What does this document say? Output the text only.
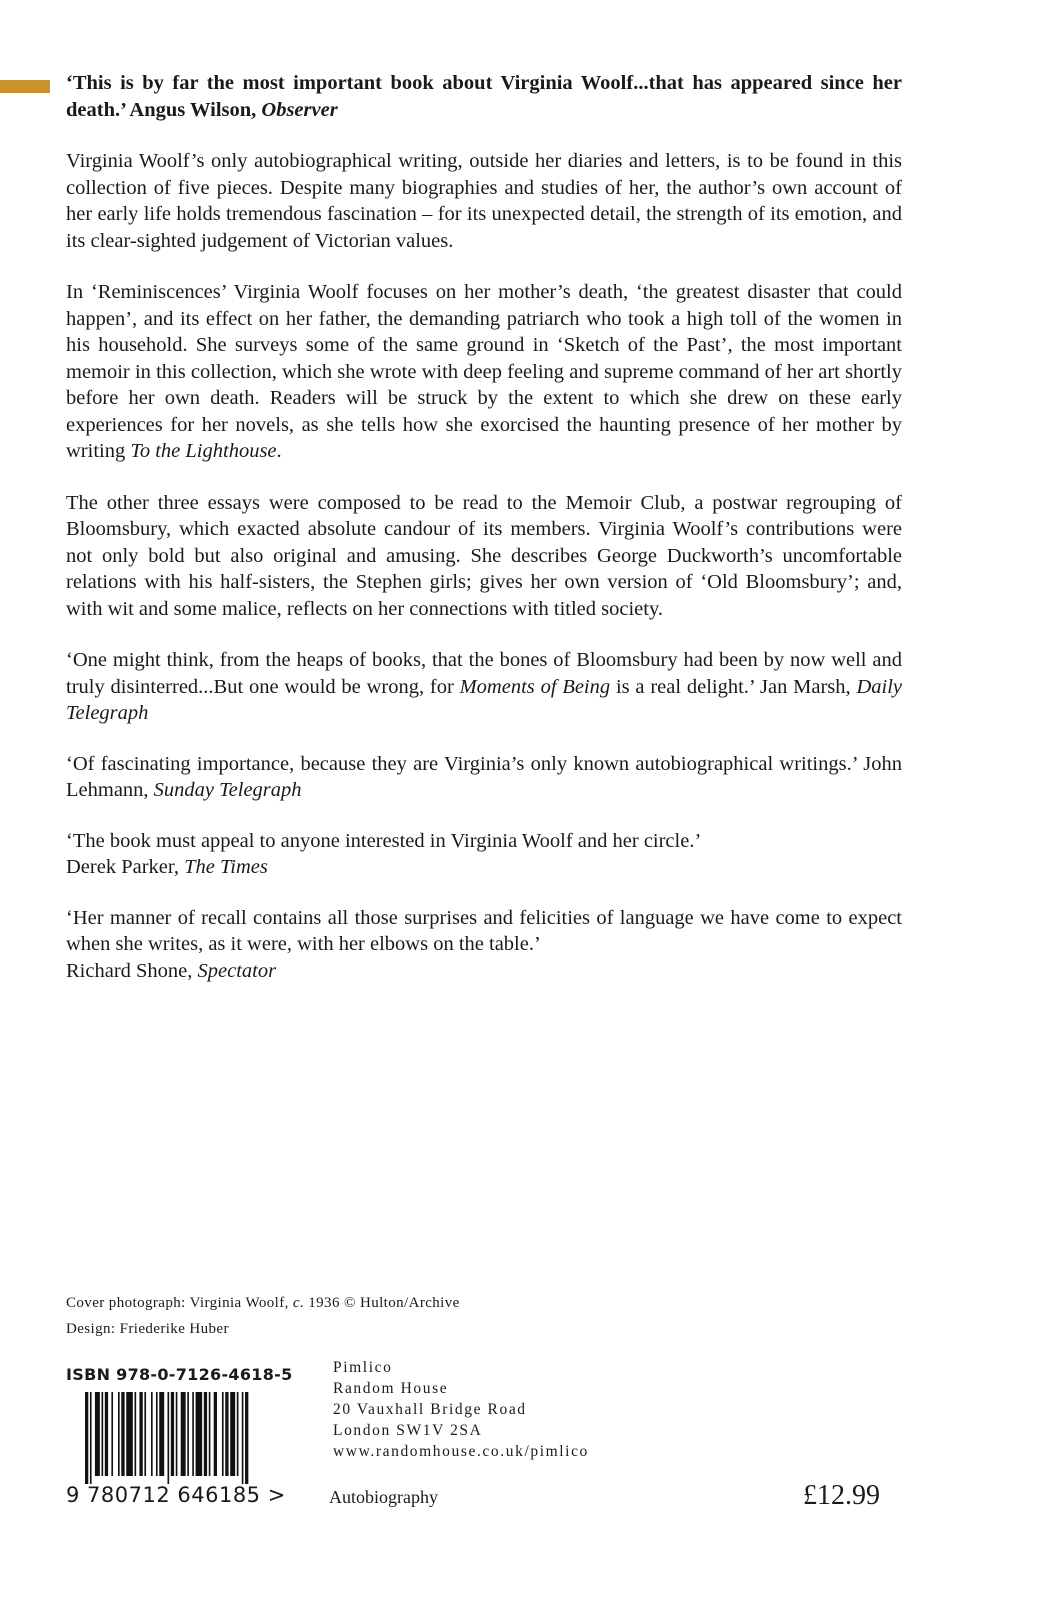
‘This is by far the most important book about Virginia Woolf...that has appeared since her death.’ Angus Wilson, Observer

Virginia Woolf’s only autobiographical writing, outside her diaries and letters, is to be found in this collection of five pieces. Despite many biographies and studies of her, the author’s own account of her early life holds tremendous fascination – for its unexpected detail, the strength of its emotion, and its clear-sighted judgement of Victorian values.

In ‘Reminiscences’ Virginia Woolf focuses on her mother’s death, ‘the greatest disaster that could happen’, and its effect on her father, the demanding patriarch who took a high toll of the women in his household. She surveys some of the same ground in ‘Sketch of the Past’, the most important memoir in this collection, which she wrote with deep feeling and supreme command of her art shortly before her own death. Readers will be struck by the extent to which she drew on these early experiences for her novels, as she tells how she exorcised the haunting presence of her mother by writing To the Lighthouse.

The other three essays were composed to be read to the Memoir Club, a postwar regrouping of Bloomsbury, which exacted absolute candour of its members. Virginia Woolf’s contributions were not only bold but also original and amusing. She describes George Duckworth’s uncomfortable relations with his half-sisters, the Stephen girls; gives her own version of ‘Old Bloomsbury’; and, with wit and some malice, reflects on her connections with titled society.

‘One might think, from the heaps of books, that the bones of Bloomsbury had been by now well and truly disinterred...But one would be wrong, for Moments of Being is a real delight.’ Jan Marsh, Daily Telegraph

‘Of fascinating importance, because they are Virginia’s only known autobiographical writings.’ John Lehmann, Sunday Telegraph

‘The book must appeal to anyone interested in Virginia Woolf and her circle.’
Derek Parker, The Times

‘Her manner of recall contains all those surprises and felicities of language we have come to expect when she writes, as it were, with her elbows on the table.’
Richard Shone, Spectator

Cover photograph: Virginia Woolf, c. 1936 © Hulton/Archive
Design: Friederike Huber
ISBN 978-0-7126-4618-5
9 780712 646185 >
Pimlico
Random House
20 Vauxhall Bridge Road
London SW1V 2SA
www.randomhouse.co.uk/pimlico
Autobiography	£12.99
